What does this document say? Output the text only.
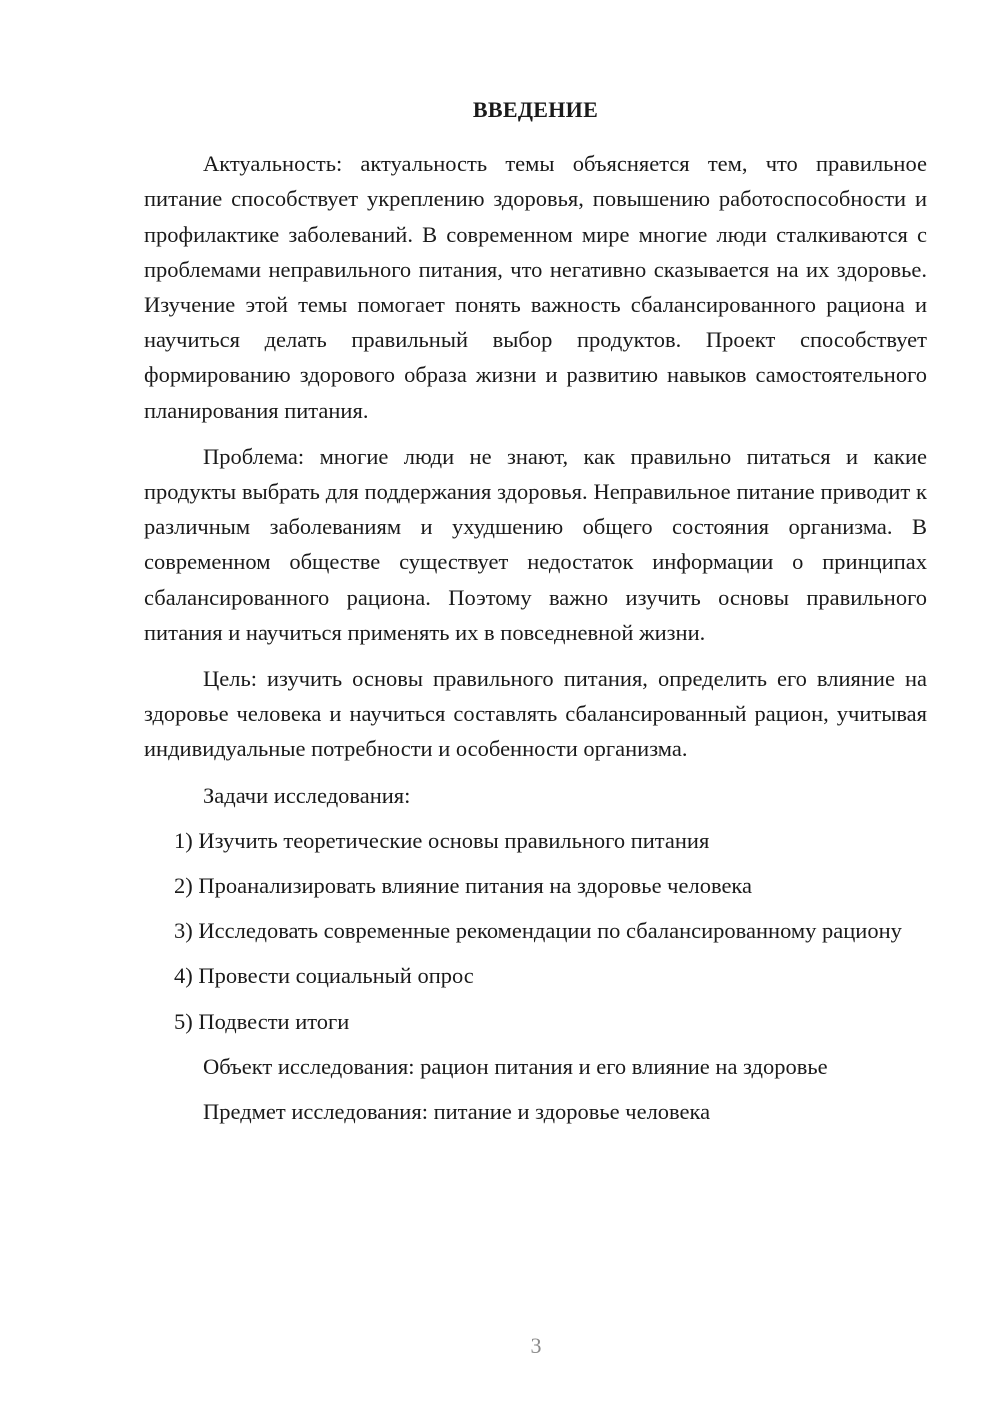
ВВЕДЕНИЕ

Актуальность: актуальность темы объясняется тем, что правильное питание способствует укреплению здоровья, повышению работоспособности и профилактике заболеваний. В современном мире многие люди сталкиваются с проблемами неправильного питания, что негативно сказывается на их здоровье. Изучение этой темы помогает понять важность сбалансированного рациона и научиться делать правильный выбор продуктов. Проект способствует формированию здорового образа жизни и развитию навыков самостоятельного планирования питания.

Проблема: многие люди не знают, как правильно питаться и какие продукты выбрать для поддержания здоровья. Неправильное питание приводит к различным заболеваниям и ухудшению общего состояния организма. В современном обществе существует недостаток информации о принципах сбалансированного рациона. Поэтому важно изучить основы правильного питания и научиться применять их в повседневной жизни.

Цель: изучить основы правильного питания, определить его влияние на здоровье человека и научиться составлять сбалансированный рацион, учитывая индивидуальные потребности и особенности организма.

Задачи исследования:

1) Изучить теоретические основы правильного питания

2) Проанализировать влияние питания на здоровье человека

3) Исследовать современные рекомендации по сбалансированному рациону

4) Провести социальный опрос

5) Подвести итоги

Объект исследования: рацион питания и его влияние на здоровье

Предмет исследования: питание и здоровье человека

3
